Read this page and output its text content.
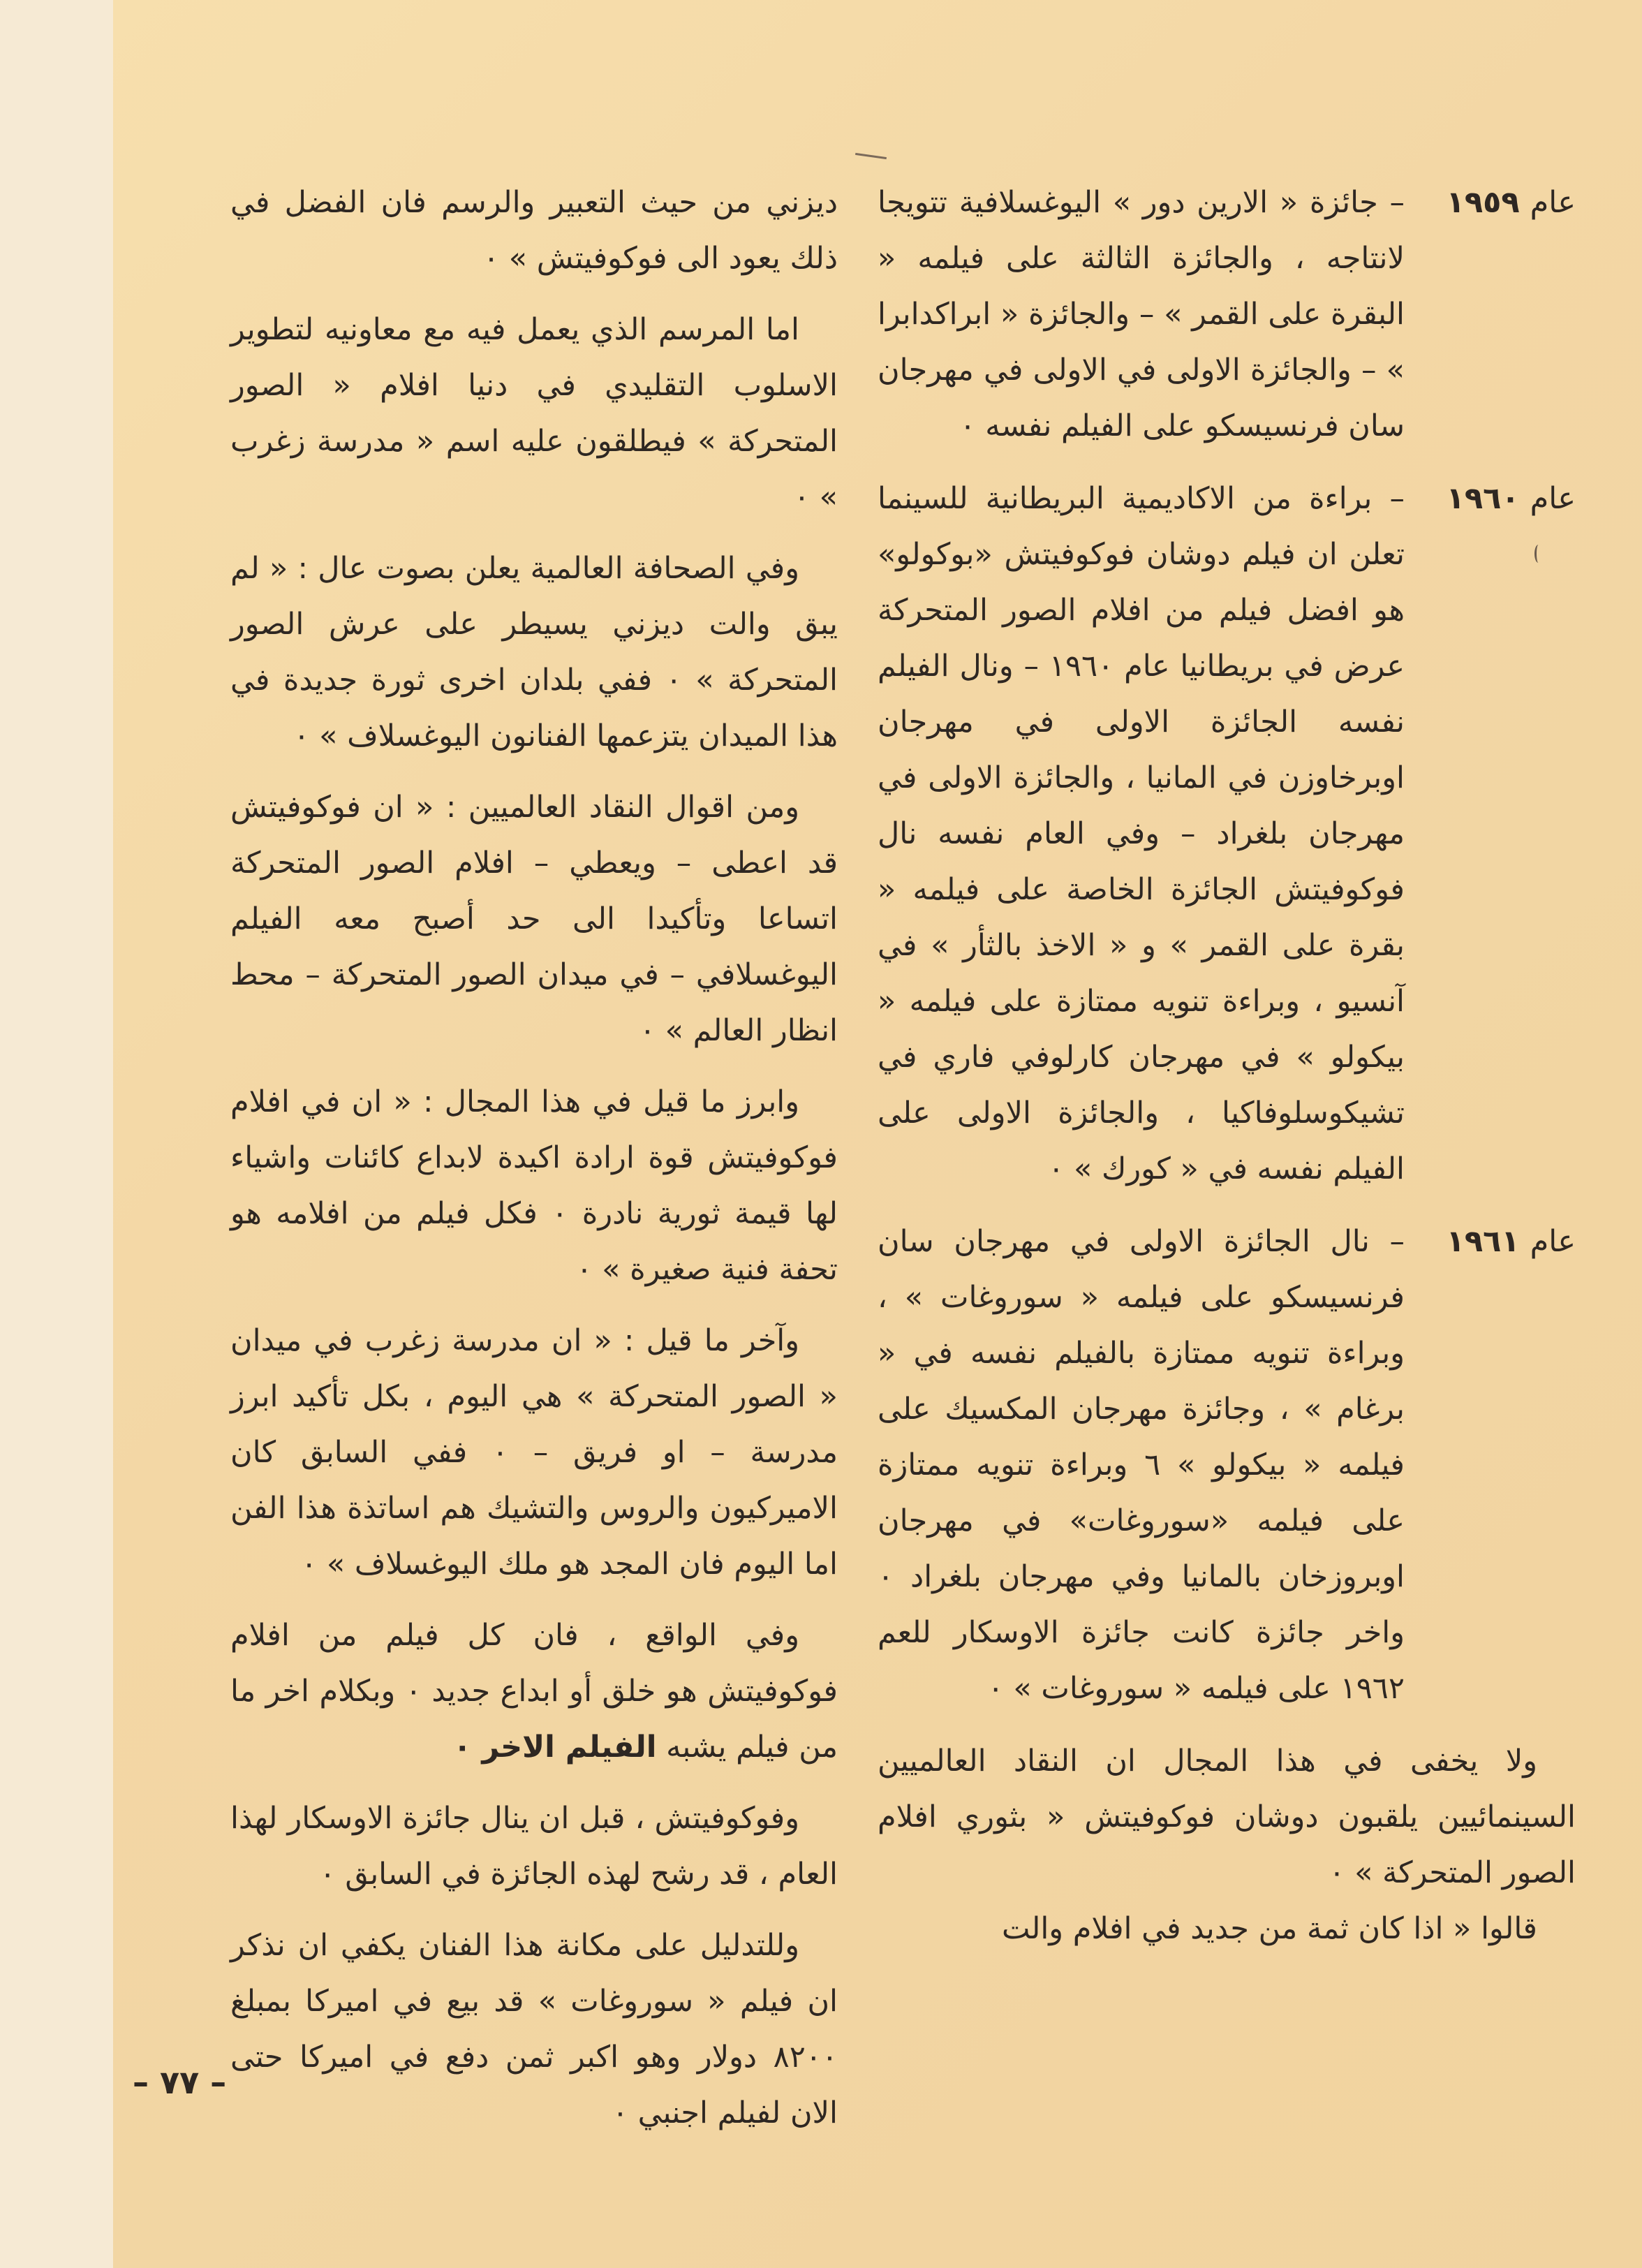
عام ١٩٥٩
– جائزة « الارين دور » اليوغسلافية تتويجا لانتاجه ، والجائزة الثالثة على فيلمه « البقرة على القمر » – والجائزة « ابراكدابرا » – والجائزة الاولى في الاولى في مهرجان سان فرنسيسكو على الفيلم نفسه ٠
عام ١٩٦٠
– براءة من الاكاديمية البريطانية للسينما تعلن ان فيلم دوشان فوكوفيتش «بوكولو» هو افضل فيلم من افلام الصور المتحركة عرض في بريطانيا عام ١٩٦٠ – ونال الفيلم نفسه الجائزة الاولى في مهرجان اوبرخاوزن في المانيا ، والجائزة الاولى في مهرجان بلغراد – وفي العام نفسه نال فوكوفيتش الجائزة الخاصة على فيلمه « بقرة على القمر » و « الاخذ بالثأر » في آنسيو ، وبراءة تنويه ممتازة على فيلمه « بيكولو » في مهرجان كارلوفي فاري في تشيكوسلوفاكيا ، والجائزة الاولى على الفيلم نفسه في « كورك » ٠
عام ١٩٦١
– نال الجائزة الاولى في مهرجان سان فرنسيسكو على فيلمه « سوروغات » ، وبراءة تنويه ممتازة بالفيلم نفسه في « برغام » ، وجائزة مهرجان المكسيك على فيلمه « بيكولو » ٦ وبراءة تنويه ممتازة على فيلمه «سوروغات» في مهرجان اوبروزخان بالمانيا وفي مهرجان بلغراد ٠ واخر جائزة كانت جائزة الاوسكار للعم ١٩٦٢ على فيلمه « سوروغات » ٠

ولا يخفى في هذا المجال ان النقاد العالميين السينمائيين يلقبون دوشان فوكوفيتش « بثوري افلام الصور المتحركة » ٠

قالوا « اذا كان ثمة من جديد في افلام والت

ديزني من حيث التعبير والرسم فان الفضل في ذلك يعود الى فوكوفيتش » ٠

اما المرسم الذي يعمل فيه مع معاونيه لتطوير الاسلوب التقليدي في دنيا افلام « الصور المتحركة » فيطلقون عليه اسم « مدرسة زغرب » ٠

وفي الصحافة العالمية يعلن بصوت عال : « لم يبق والت ديزني يسيطر على عرش الصور المتحركة » ٠ ففي بلدان اخرى ثورة جديدة في هذا الميدان يتزعمها الفنانون اليوغسلاف » ٠

ومن اقوال النقاد العالميين : « ان فوكوفيتش قد اعطى – ويعطي – افلام الصور المتحركة اتساعا وتأكيدا الى حد أصبح معه الفيلم اليوغسلافي – في ميدان الصور المتحركة – محط انظار العالم » ٠

وابرز ما قيل في هذا المجال : « ان في افلام فوكوفيتش قوة ارادة اكيدة لابداع كائنات واشياء لها قيمة ثورية نادرة ٠ فكل فيلم من افلامه هو تحفة فنية صغيرة » ٠

وآخر ما قيل : « ان مدرسة زغرب في ميدان « الصور المتحركة » هي اليوم ، بكل تأكيد ابرز مدرسة – او فريق – ٠ ففي السابق كان الاميركيون والروس والتشيك هم اساتذة هذا الفن اما اليوم فان المجد هو ملك اليوغسلاف » ٠

وفي الواقع ، فان كل فيلم من افلام فوكوفيتش هو خلق أو ابداع جديد ٠ وبكلام اخر ما من فيلم يشبه الفيلم الاخر ٠

وفوكوفيتش ، قبل ان ينال جائزة الاوسكار لهذا العام ، قد رشح لهذه الجائزة في السابق ٠

وللتدليل على مكانة هذا الفنان يكفي ان نذكر ان فيلم « سوروغات » قد بيع في اميركا بمبلغ ٨٢٠٠ دولار وهو اكبر ثمن دفع في اميركا حتى الان لفيلم اجنبي ٠

– ٧٧ –
